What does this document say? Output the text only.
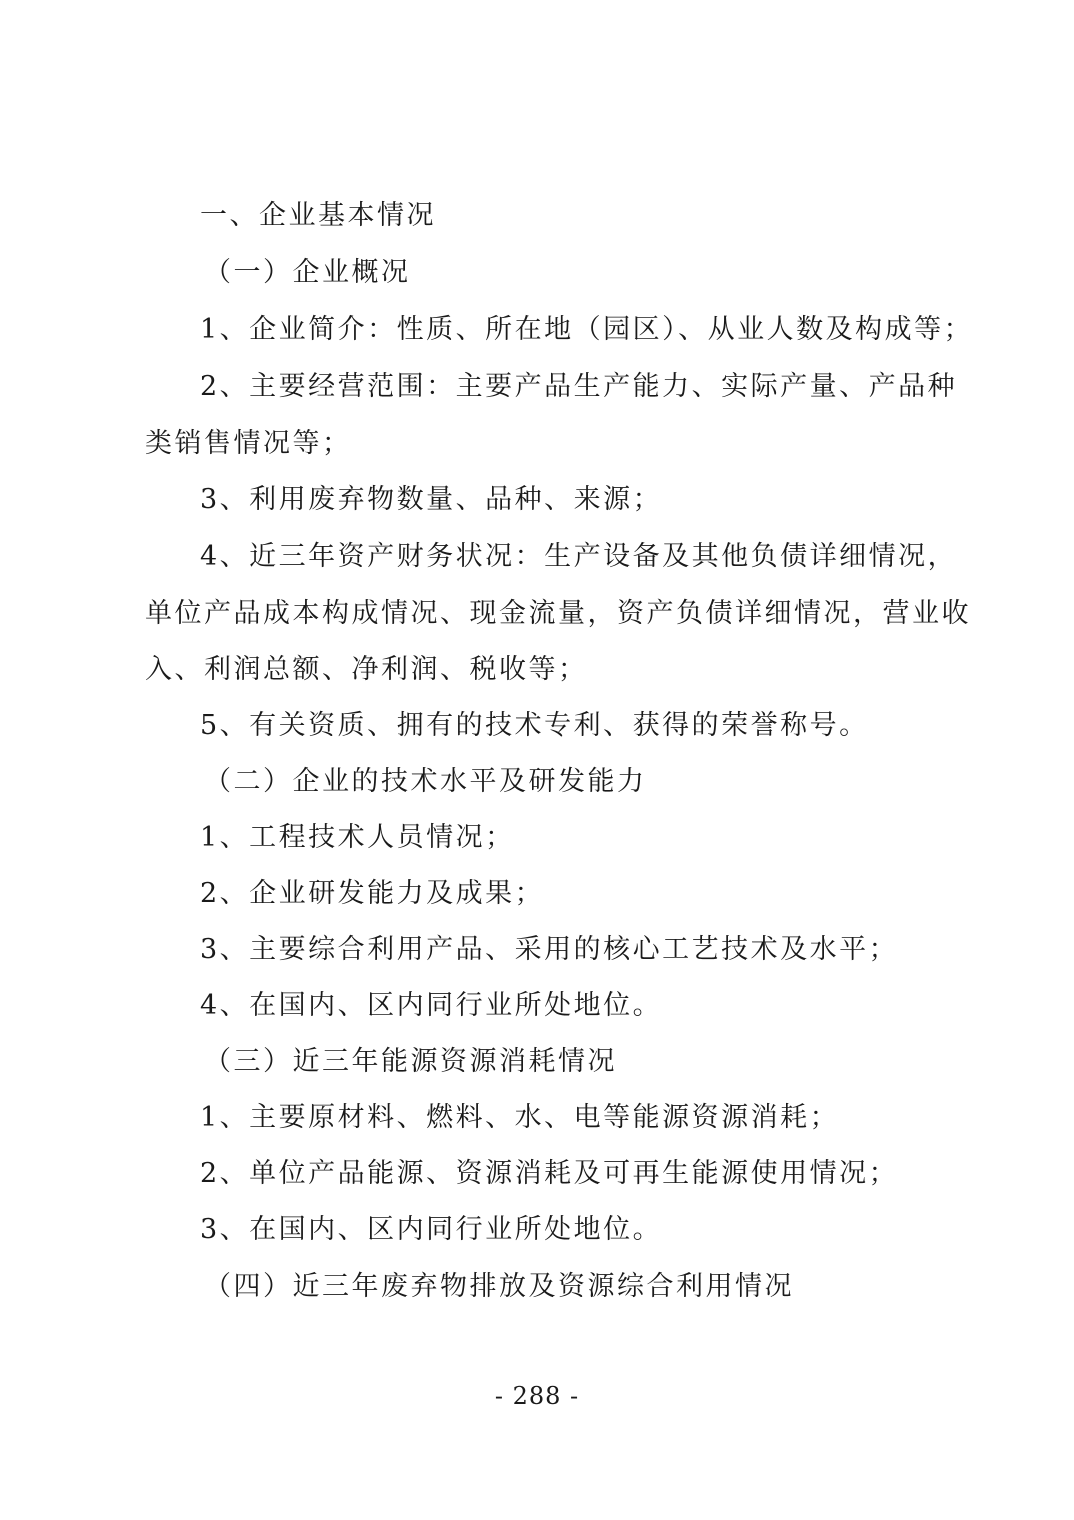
一、企业基本情况
（一）企业概况
1、企业简介：性质、所在地（园区）、从业人数及构成等；
2、主要经营范围：主要产品生产能力、实际产量、产品种
类销售情况等；
3、利用废弃物数量、品种、来源；
4、近三年资产财务状况：生产设备及其他负债详细情况，
单位产品成本构成情况、现金流量，资产负债详细情况，营业收
入、利润总额、净利润、税收等；
5、有关资质、拥有的技术专利、获得的荣誉称号。
（二）企业的技术水平及研发能力
1、工程技术人员情况；
2、企业研发能力及成果；
3、主要综合利用产品、采用的核心工艺技术及水平；
4、在国内、区内同行业所处地位。
（三）近三年能源资源消耗情况
1、主要原材料、燃料、水、电等能源资源消耗；
2、单位产品能源、资源消耗及可再生能源使用情况；
3、在国内、区内同行业所处地位。
（四）近三年废弃物排放及资源综合利用情况
- 288 -
